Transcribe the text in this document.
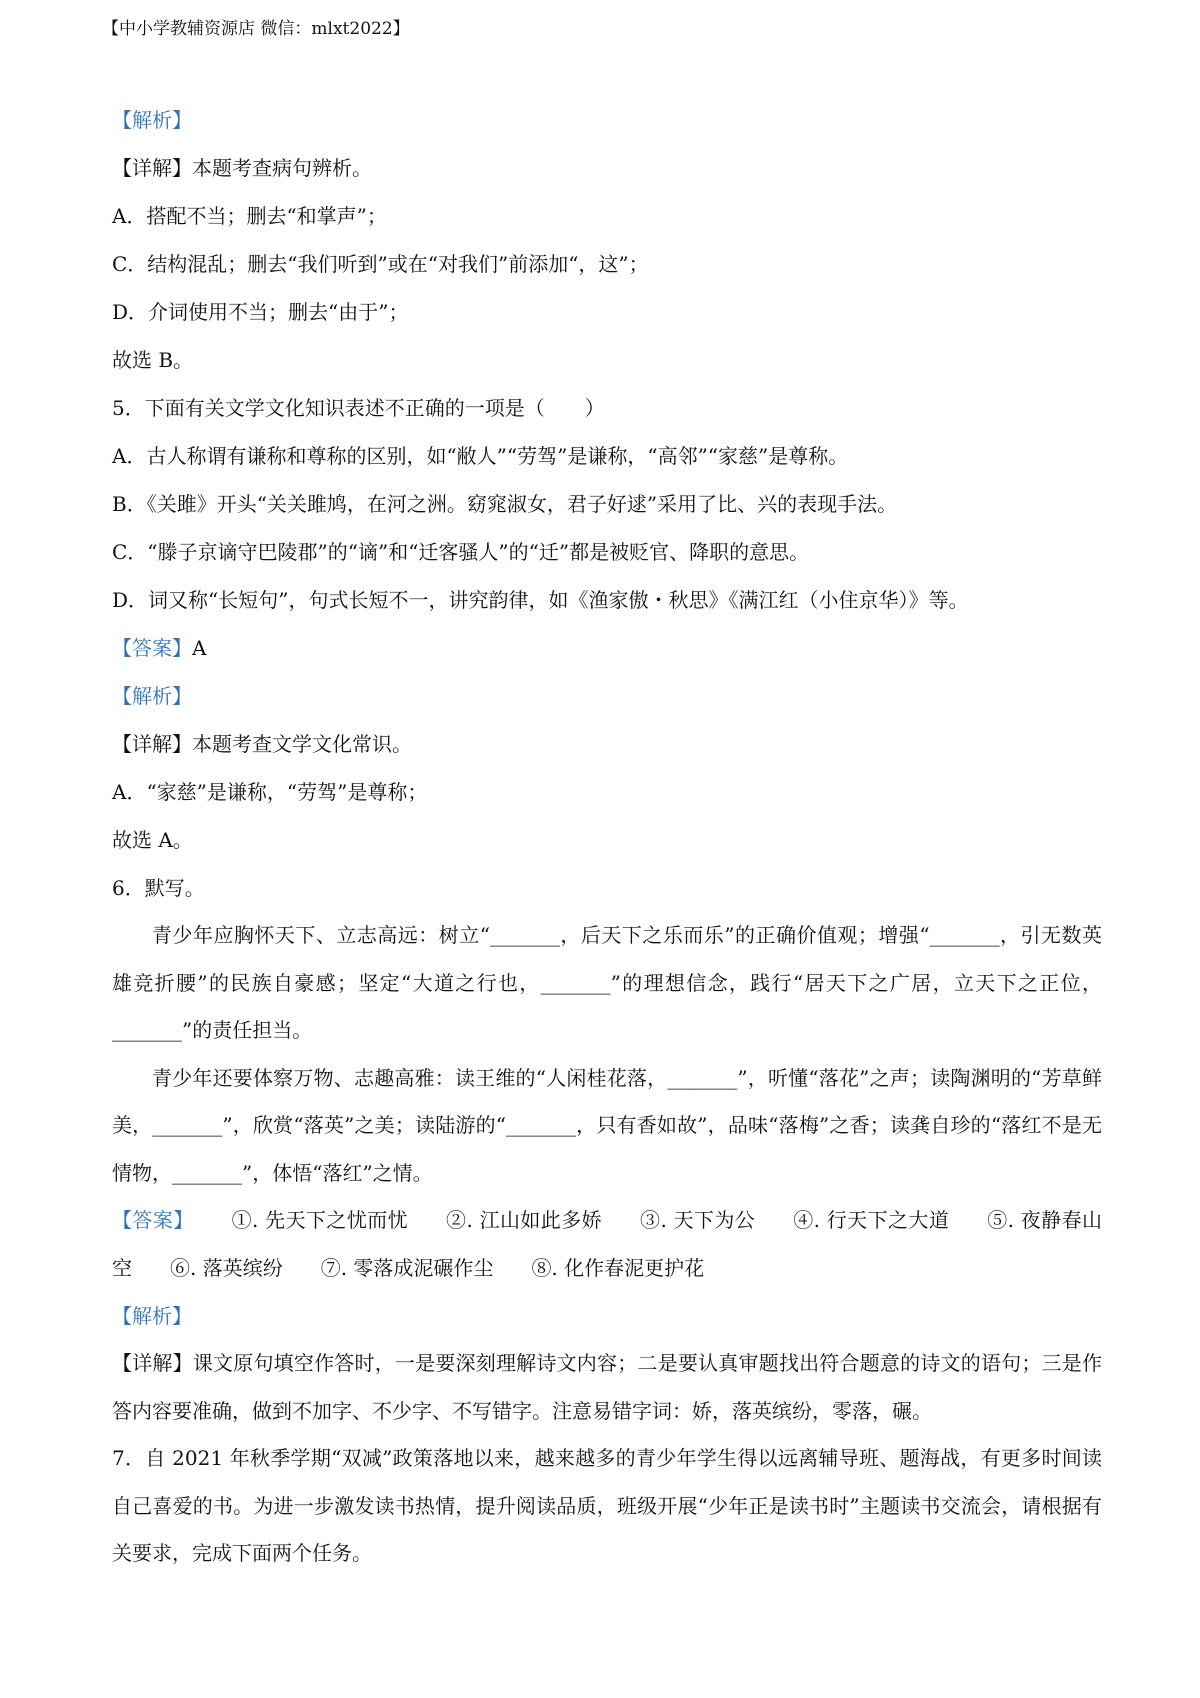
【中小学教辅资源店 微信：mlxt2022】
【解析】
【详解】本题考查病句辨析。
A．搭配不当；删去“和掌声”；
C．结构混乱；删去“我们听到”或在“对我们”前添加“，这”；
D．介词使用不当；删去“由于”；
故选 B。
5．下面有关文学文化知识表述不正确的一项是（　　）
A．古人称谓有谦称和尊称的区别，如“敝人”“劳驾”是谦称，“高邻”“家慈”是尊称。
B．《关雎》开头“关关雎鸠，在河之洲。窈窕淑女，君子好逑”采用了比、兴的表现手法。
C．“滕子京谪守巴陵郡”的“谪”和“迁客骚人”的“迁”都是被贬官、降职的意思。
D．词又称“长短句”，句式长短不一，讲究韵律，如《渔家傲・秋思》《满江红（小住京华）》等。
【答案】A
【解析】
【详解】本题考查文学文化常识。
A．“家慈”是谦称，“劳驾”是尊称；
故选 A。
6．默写。
青少年应胸怀天下、立志高远：树立“_______，后天下之乐而乐”的正确价值观；增强“_______，引无数英雄竞折腰”的民族自豪感；坚定“大道之行也，_______”的理想信念，践行“居天下之广居，立天下之正位，_______”的责任担当。
青少年还要体察万物、志趣高雅：读王维的“人闲桂花落，_______”，听懂“落花”之声；读陶渊明的“芳草鲜美，_______”，欣赏“落英”之美；读陆游的“_______，只有香如故”，品味“落梅”之香；读龚自珍的“落红不是无情物，_______”，体悟“落红”之情。
【答案】 ①. 先天下之忧而忧 ②. 江山如此多娇 ③. 天下为公 ④. 行天下之大道 ⑤. 夜静春山空 ⑥. 落英缤纷 ⑦. 零落成泥碾作尘 ⑧. 化作春泥更护花
【解析】
【详解】课文原句填空作答时，一是要深刻理解诗文内容；二是要认真审题找出符合题意的诗文的语句；三是作答内容要准确，做到不加字、不少字、不写错字。注意易错字词：娇，落英缤纷，零落，碾。
7．自 2021 年秋季学期“双减”政策落地以来，越来越多的青少年学生得以远离辅导班、题海战，有更多时间读自己喜爱的书。为进一步激发读书热情，提升阅读品质，班级开展“少年正是读书时”主题读书交流会，请根据有关要求，完成下面两个任务。
